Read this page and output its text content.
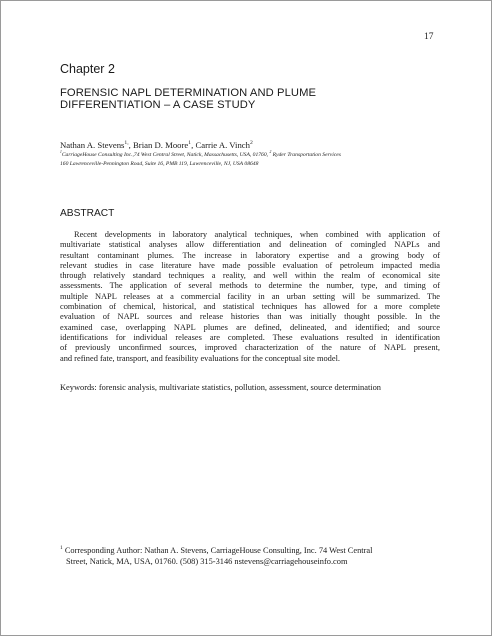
17
Chapter 2
FORENSIC NAPL DETERMINATION AND PLUME
DIFFERENTIATION – A CASE STUDY
Nathan A. Stevens$^{1,}$, Brian D. Moore$^1$, Carrie A. Vinch$^2$
$^1$CarriageHouse Consulting Inc.,74 West Central Street, Natick, Massachusetts, USA, 01760, $^2$ Ryder Transportation Services
160 Lawrenceville-Pennington Road, Suite 16, PMB 119, Lawrenceville, NJ, USA 08648
ABSTRACT
Recent developments in laboratory analytical techniques, when combined with application of
multivariate statistical analyses allow differentiation and delineation of comingled NAPLs and
resultant contaminant plumes. The increase in laboratory expertise and a growing body of
relevant studies in case literature have made possible evaluation of petroleum impacted media
through relatively standard techniques a reality, and well within the realm of economical site
assessments. The application of several methods to determine the number, type, and timing of
multiple NAPL releases at a commercial facility in an urban setting will be summarized. The
combination of chemical, historical, and statistical techniques has allowed for a more complete
evaluation of NAPL sources and release histories than was initially thought possible. In the
examined case, overlapping NAPL plumes are defined, delineated, and identified; and source
identifications for individual releases are completed. These evaluations resulted in identification
of previously unconfirmed sources, improved characterization of the nature of NAPL present,
and refined fate, transport, and feasibility evaluations for the conceptual site model.
Keywords: forensic analysis, multivariate statistics, pollution, assessment, source determination
$^1$ Corresponding Author: Nathan A. Stevens, CarriageHouse Consulting, Inc. 74 West Central
Street, Natick, MA, USA, 01760. (508) 315-3146 nstevens@carriagehouseinfo.com
